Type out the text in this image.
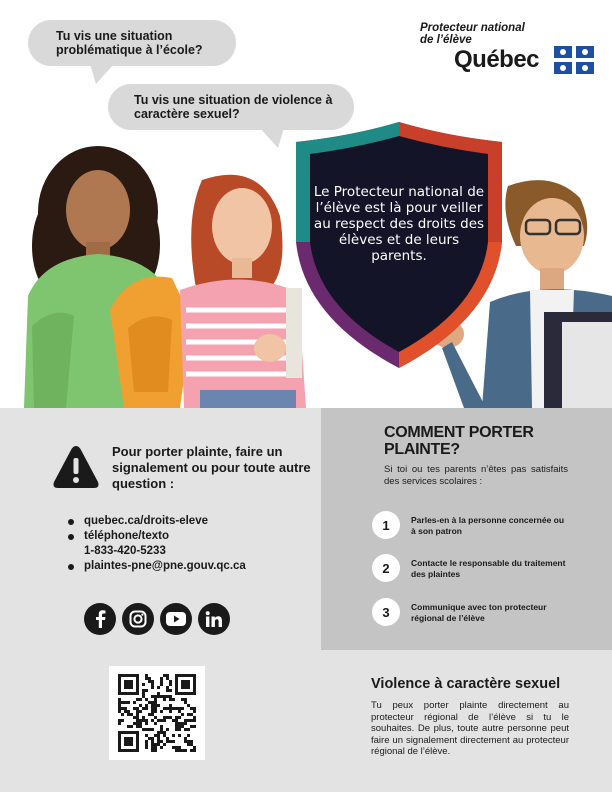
Tu vis une situation problématique à l’école?
Tu vis une situation de violence à caractère sexuel?
Protecteur national
de l’élève
Québec
Le Protecteur national de l’élève est là pour veiller au respect des droits des élèves et de leurs parents.
Pour porter plainte, faire un signalement ou pour toute autre question :
quebec.ca/droits-eleve
téléphone/texto
1-833-420-5233
plaintes-pne@pne.gouv.qc.ca
COMMENT PORTER
PLAINTE?
Si toi ou tes parents n’êtes pas satisfaits des services scolaires :
1	Parles-en à la personne concernée ou à son patron
2	Contacte le responsable du traitement des plaintes
3	Communique avec ton protecteur régional de l’élève
Violence à caractère sexuel
Tu peux porter plainte directement au protecteur régional de l’élève si tu le souhaites. De plus, toute autre personne peut faire un signalement directement au protecteur régional de l’élève.
